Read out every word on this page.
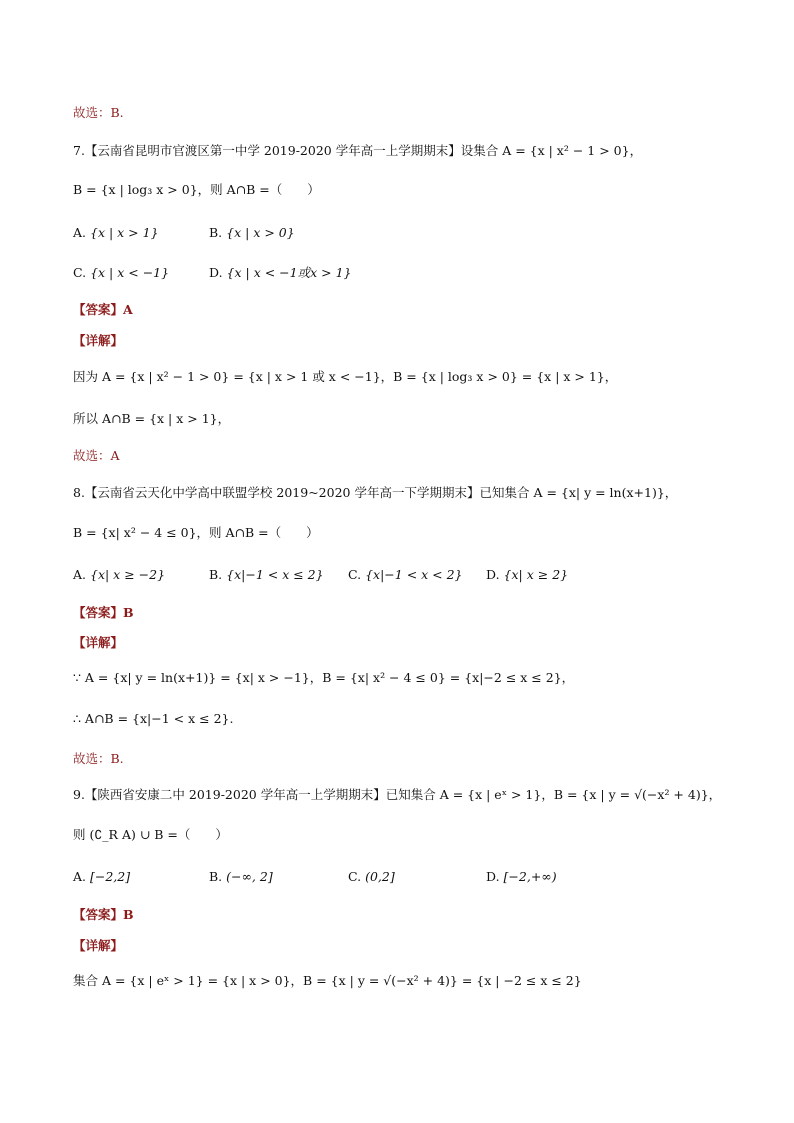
故选：B.
7.【云南省昆明市官渡区第一中学 2019-2020 学年高一上学期期末】设集合 A = {x | x² − 1 > 0}，
B = {x | log₃ x > 0}，则 A∩B =（　　）
A. {x | x > 1}	B. {x | x > 0}
C. {x | x < −1}	D. {x | x < −1或x > 1}
【答案】A
【详解】
因为 A = {x | x² − 1 > 0} = {x | x > 1 或 x < −1}，B = {x | log₃ x > 0} = {x | x > 1}，
所以 A∩B = {x | x > 1}，
故选：A
8.【云南省云天化中学高中联盟学校 2019~2020 学年高一下学期期末】已知集合 A = {x| y = ln(x+1)}，
B = {x| x² − 4 ≤ 0}，则 A∩B =（　　）
A. {x| x ≥ −2}	B. {x|−1 < x ≤ 2} C. {x|−1 < x < 2} D. {x| x ≥ 2}
【答案】B
【详解】
∵ A = {x| y = ln(x+1)} = {x| x > −1}，B = {x| x² − 4 ≤ 0} = {x|−2 ≤ x ≤ 2}，
∴ A∩B = {x|−1 < x ≤ 2}.
故选：B.
9.【陕西省安康二中 2019-2020 学年高一上学期期末】已知集合 A = {x | eˣ > 1}，B = {x | y = √(−x² + 4)}，
则 (∁_R A) ∪ B =（　　）
A. [−2,2]	B. (−∞, 2]	C. (0,2]	D. [−2,+∞)
【答案】B
【详解】
集合 A = {x | eˣ > 1} = {x | x > 0}，B = {x | y = √(−x² + 4)} = {x | −2 ≤ x ≤ 2}
